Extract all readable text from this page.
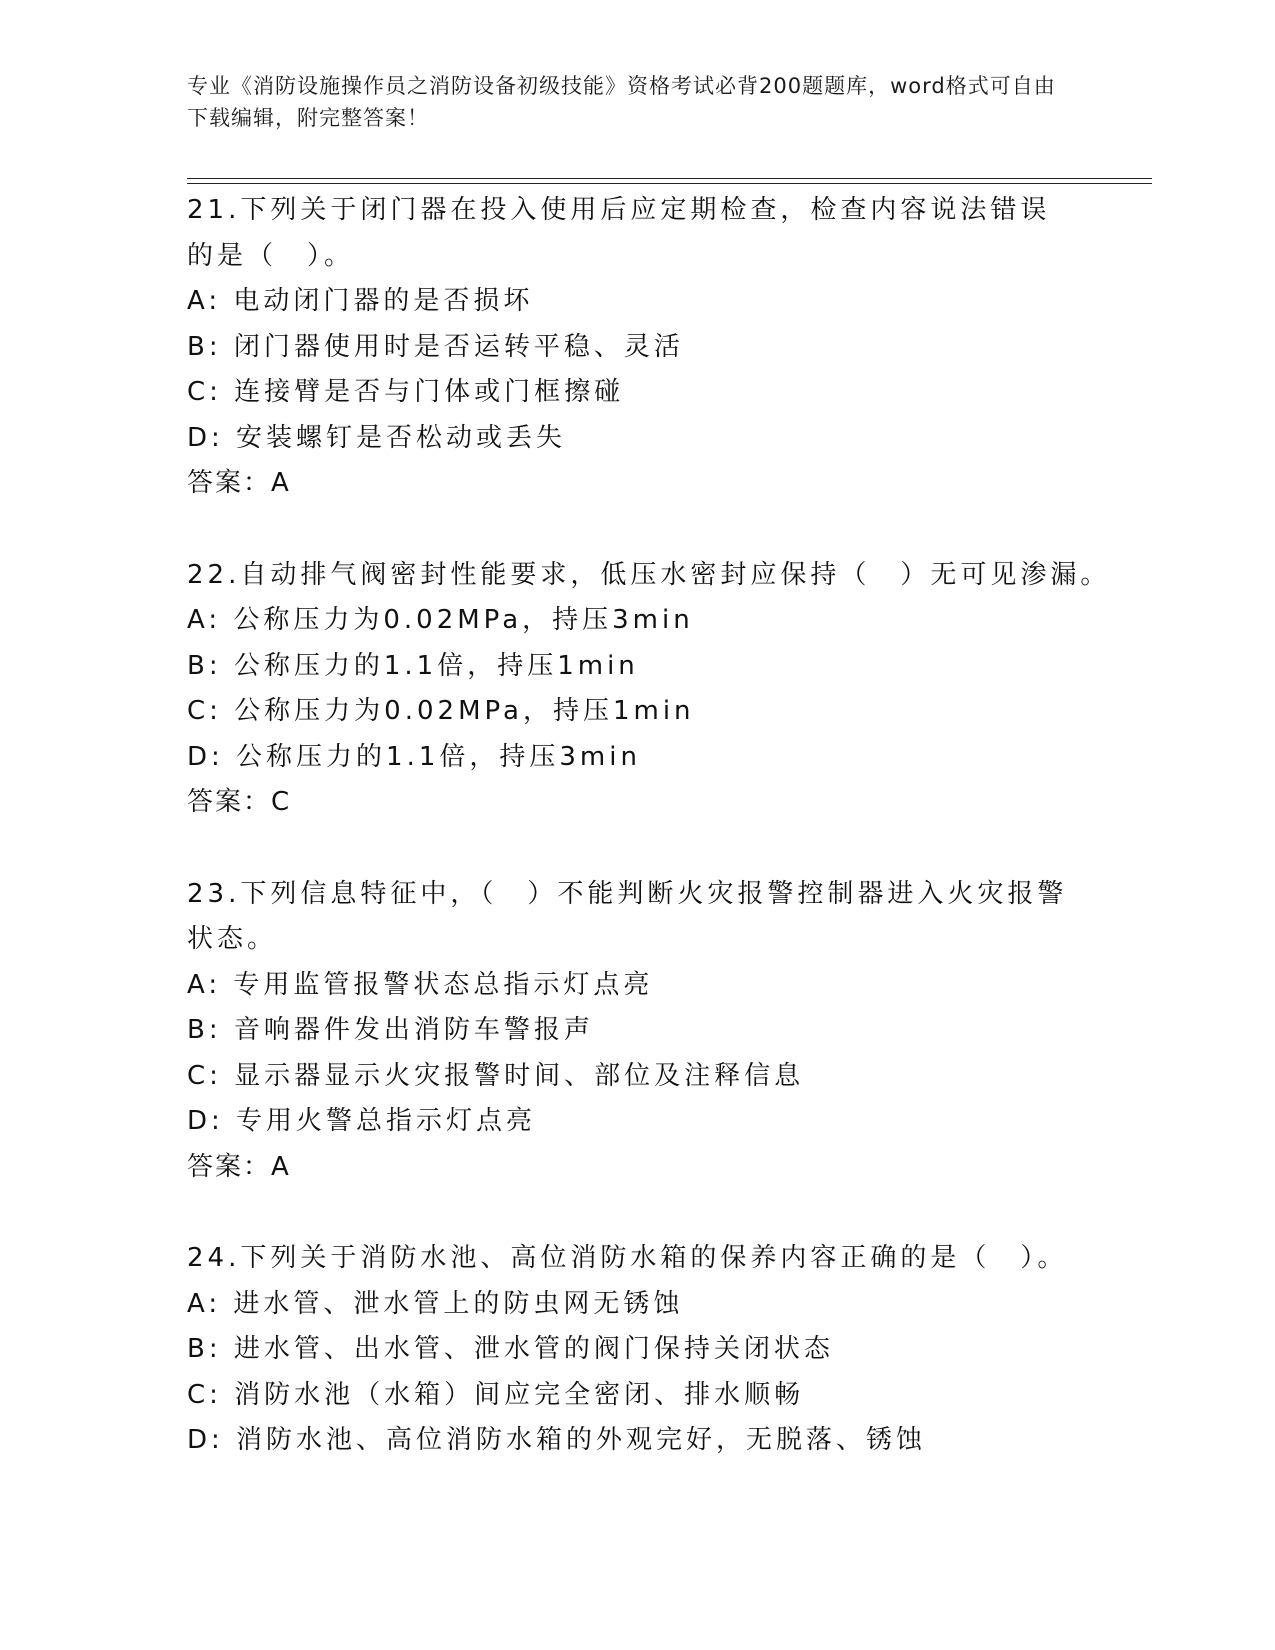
专业《消防设施操作员之消防设备初级技能》资格考试必背200题题库，word格式可自由下载编辑，附完整答案！
21.下列关于闭门器在投入使用后应定期检查，检查内容说法错误的是（　）。
A: 电动闭门器的是否损坏
B: 闭门器使用时是否运转平稳、灵活
C: 连接臂是否与门体或门框擦碰
D: 安装螺钉是否松动或丢失
答案：A
22.自动排气阀密封性能要求，低压水密封应保持（　）无可见渗漏。
A: 公称压力为0.02MPa，持压3min
B: 公称压力的1.1倍，持压1min
C: 公称压力为0.02MPa，持压1min
D: 公称压力的1.1倍，持压3min
答案：C
23.下列信息特征中，（　）不能判断火灾报警控制器进入火灾报警状态。
A: 专用监管报警状态总指示灯点亮
B: 音响器件发出消防车警报声
C: 显示器显示火灾报警时间、部位及注释信息
D: 专用火警总指示灯点亮
答案：A
24.下列关于消防水池、高位消防水箱的保养内容正确的是（　）。
A: 进水管、泄水管上的防虫网无锈蚀
B: 进水管、出水管、泄水管的阀门保持关闭状态
C: 消防水池（水箱）间应完全密闭、排水顺畅
D: 消防水池、高位消防水箱的外观完好，无脱落、锈蚀
